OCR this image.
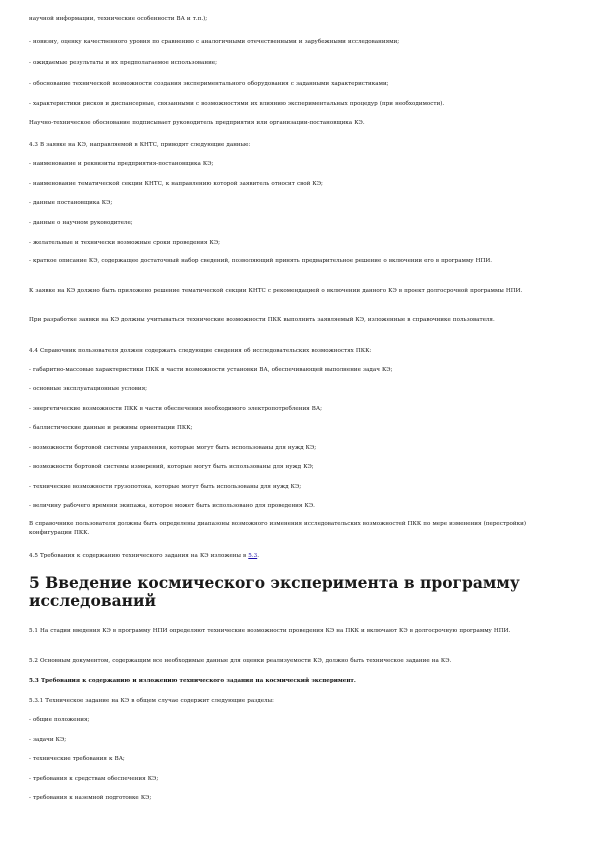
научной информации, технические особенности ВА и т.п.);
- новизну, оценку качественного уровня по сравнению с аналогичными отечественными и зарубежными исследованиями;
- ожидаемые результаты и их предполагаемое использование;
- обоснование технической возможности создания экспериментального оборудования с заданными характеристиками;
- характеристики рисков и диспансерные, связанными с возможностями их влиянию экспериментальных процедур (при необходимости).
Научно-техническое обоснование подписывает руководитель предприятия или организации-постановщика КЭ.
4.3 В заявке на КЭ, направляемой в КНТС, приводят следующие данные:
- наименование и реквизиты предприятия-постановщика КЭ;
- наименование тематической секции КНТС, к направлению которой заявитель относит свой КЭ;
- данные постановщика КЭ;
- данные о научном руководителе;
- желательные и технически возможные сроки проведения КЭ;
- краткое описание КЭ, содержащее достаточный набор сведений, позволяющий принять предварительное решение о включении его в программу НПИ.
К заявке на КЭ должно быть приложено решение тематической секции КНТС с рекомендацией о включении данного КЭ в проект долгосрочной программы НПИ.
При разработке заявки на КЭ должны учитываться технические возможности ПКК выполнить заявляемый КЭ, изложенные в справочнике пользователя.
4.4 Справочник пользователя должен содержать следующие сведения об исследовательских возможностях ПКК:
- габаритно-массовые характеристики ПКК в части возможности установки ВА, обеспечивающей выполнение задач КЭ;
- основные эксплуатационные условия;
- энергетические возможности ПКК в части обеспечения необходимого электропотребления ВА;
- баллистические данные и режимы ориентации ПКК;
- возможности бортовой системы управления, которые могут быть использованы для нужд КЭ;
- возможности бортовой системы измерений, которые могут быть использованы для нужд КЭ;
- технические возможности грузопотока, которые могут быть использованы для нужд КЭ;
- величину рабочего времени экипажа, которое может быть использовано для проведения КЭ.
В справочнике пользователя должны быть определены диапазоны возможного изменения исследовательских возможностей ПКК по мере изменения (перестройки) конфигурации ПКК.
4.5 Требования к содержанию технического задания на КЭ изложены в 5.3.
5 Введение космического эксперимента в программу
исследований
5.1 На стадии введения КЭ в программу НПИ определяют технические возможности проведения КЭ на ПКК и включают КЭ в долгосрочную программу НПИ.
5.2 Основным документом, содержащим все необходимые данные для оценки реализуемости КЭ, должно быть техническое задание на КЭ.
5.3 Требования к содержанию и изложению технического задания на космический эксперимент.
5.3.1 Техническое задание на КЭ в общем случае содержит следующие разделы:
- общие положения;
- задачи КЭ;
- технические требования к ВА;
- требования к средствам обеспечения КЭ;
- требования к наземной подготовке КЭ;
